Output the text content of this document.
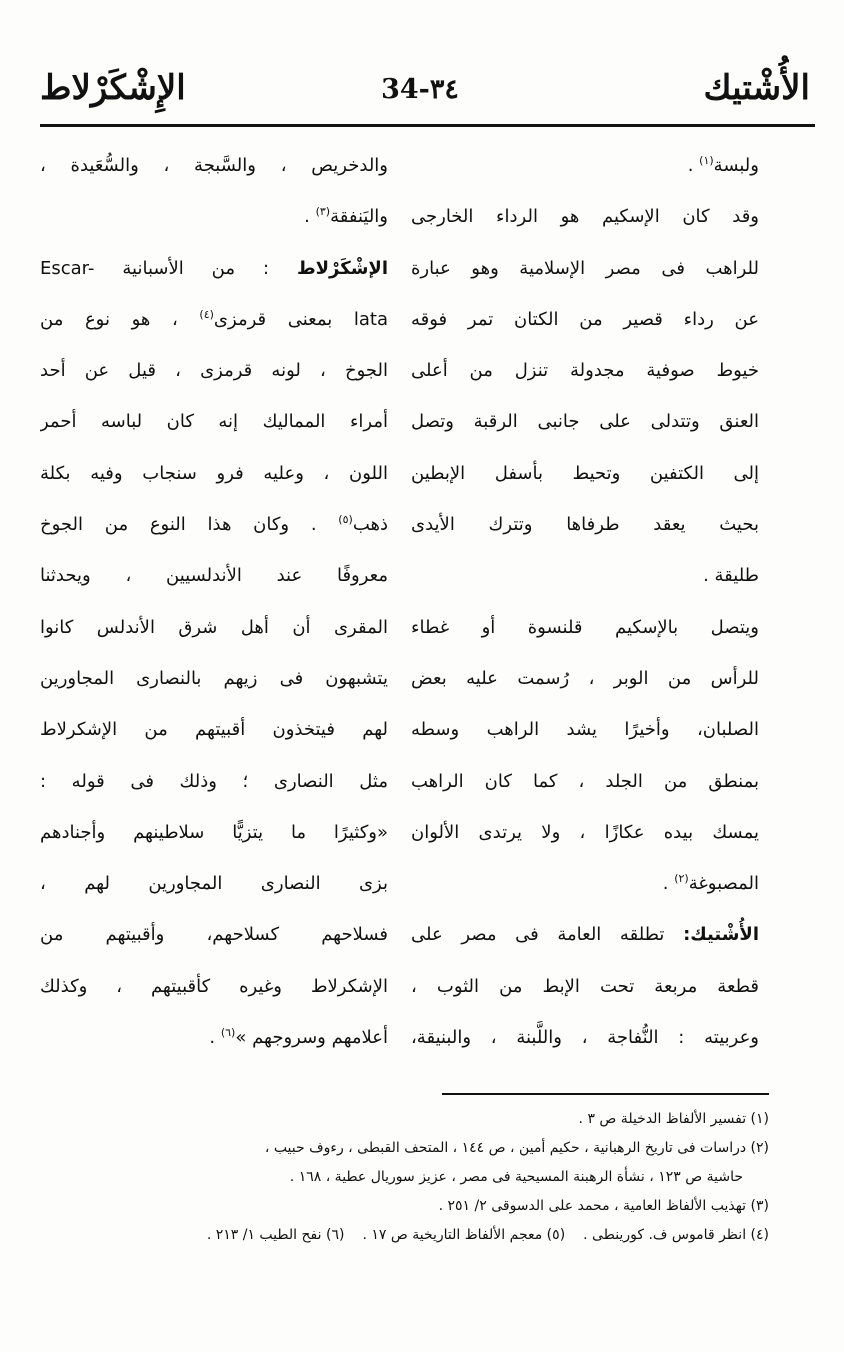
الأُشْتيك
34-٣٤
الإِشْكَرْلاط
ولبسة$^{(١)}$ .
وقد كان الإسكيم هو الرداء الخارجى
للراهب فى مصر الإسلامية وهو عبارة
عن رداء قصير من الكتان تمر فوقه
خيوط صوفية مجدولة تنزل من أعلى
العنق وتتدلى على جانبى الرقبة وتصل
إلى الكتفين وتحيط بأسفل الإبطين
بحيث يعقد طرفاها وتترك الأيدى
طليقة .
ويتصل بالإسكيم قلنسوة أو غطاء
للرأس من الوبر ، رُسمت عليه بعض
الصلبان، وأخيرًا يشد الراهب وسطه
بمنطق من الجلد ، كما كان الراهب
يمسك بيده عكازًا ، ولا يرتدى الألوان
المصبوغة$^{(٢)}$ .
الأُشْتيك: تطلقه العامة فى مصر على
قطعة مربعة تحت الإبط من الثوب ،
وعربيته : النُّفاجة ، واللَّبنة ، والبنيقة،
والدخريص ، والسَّبجة ، والسُّعَيدة ،
واليَنفقة$^{(٣)}$ .
الإشْكَرْلاط : من الأسبانية Escar-
lata بمعنى قرمزى$^{(٤)}$ ، هو نوع من
الجوخ ، لونه قرمزى ، قيل عن أحد
أمراء المماليك إنه كان لباسه أحمر
اللون ، وعليه فرو سنجاب وفيه بكلة
ذهب$^{(٥)}$ . وكان هذا النوع من الجوخ
معروفًا عند الأندلسيين ، ويحدثنا
المقرى أن أهل شرق الأندلس كانوا
يتشبهون فى زيهم بالنصارى المجاورين
لهم فيتخذون أقبيتهم من الإشكرلاط
مثل النصارى ؛ وذلك فى قوله :
«وكثيرًا ما يتزيًّا سلاطينهم وأجنادهم
بزى النصارى المجاورين لهم ،
فسلاحهم كسلاحهم، وأقبيتهم من
الإشكرلاط وغيره كأقبيتهم ، وكذلك
أعلامهم وسروجهم »$^{(٦)}$ .
(١) تفسير الألفاظ الدخيلة ص ٣ .
(٢) دراسات فى تاريخ الرهبانية ، حكيم أمين ، ص ١٤٤ ، المتحف القبطى ، رءوف حبيب ،
حاشية ص ١٢٣ ، نشأة الرهبنة المسيحية فى مصر ، عزيز سوريال عطية ، ١٦٨ .
(٣) تهذيب الألفاظ العامية ، محمد على الدسوقى ٢/ ٢٥١ .
(٤) انظر قاموس ف. كورينطى .
(٥) معجم الألفاظ التاريخية ص ١٧ .
(٦) نفح الطيب ١/ ٢١٣ .
